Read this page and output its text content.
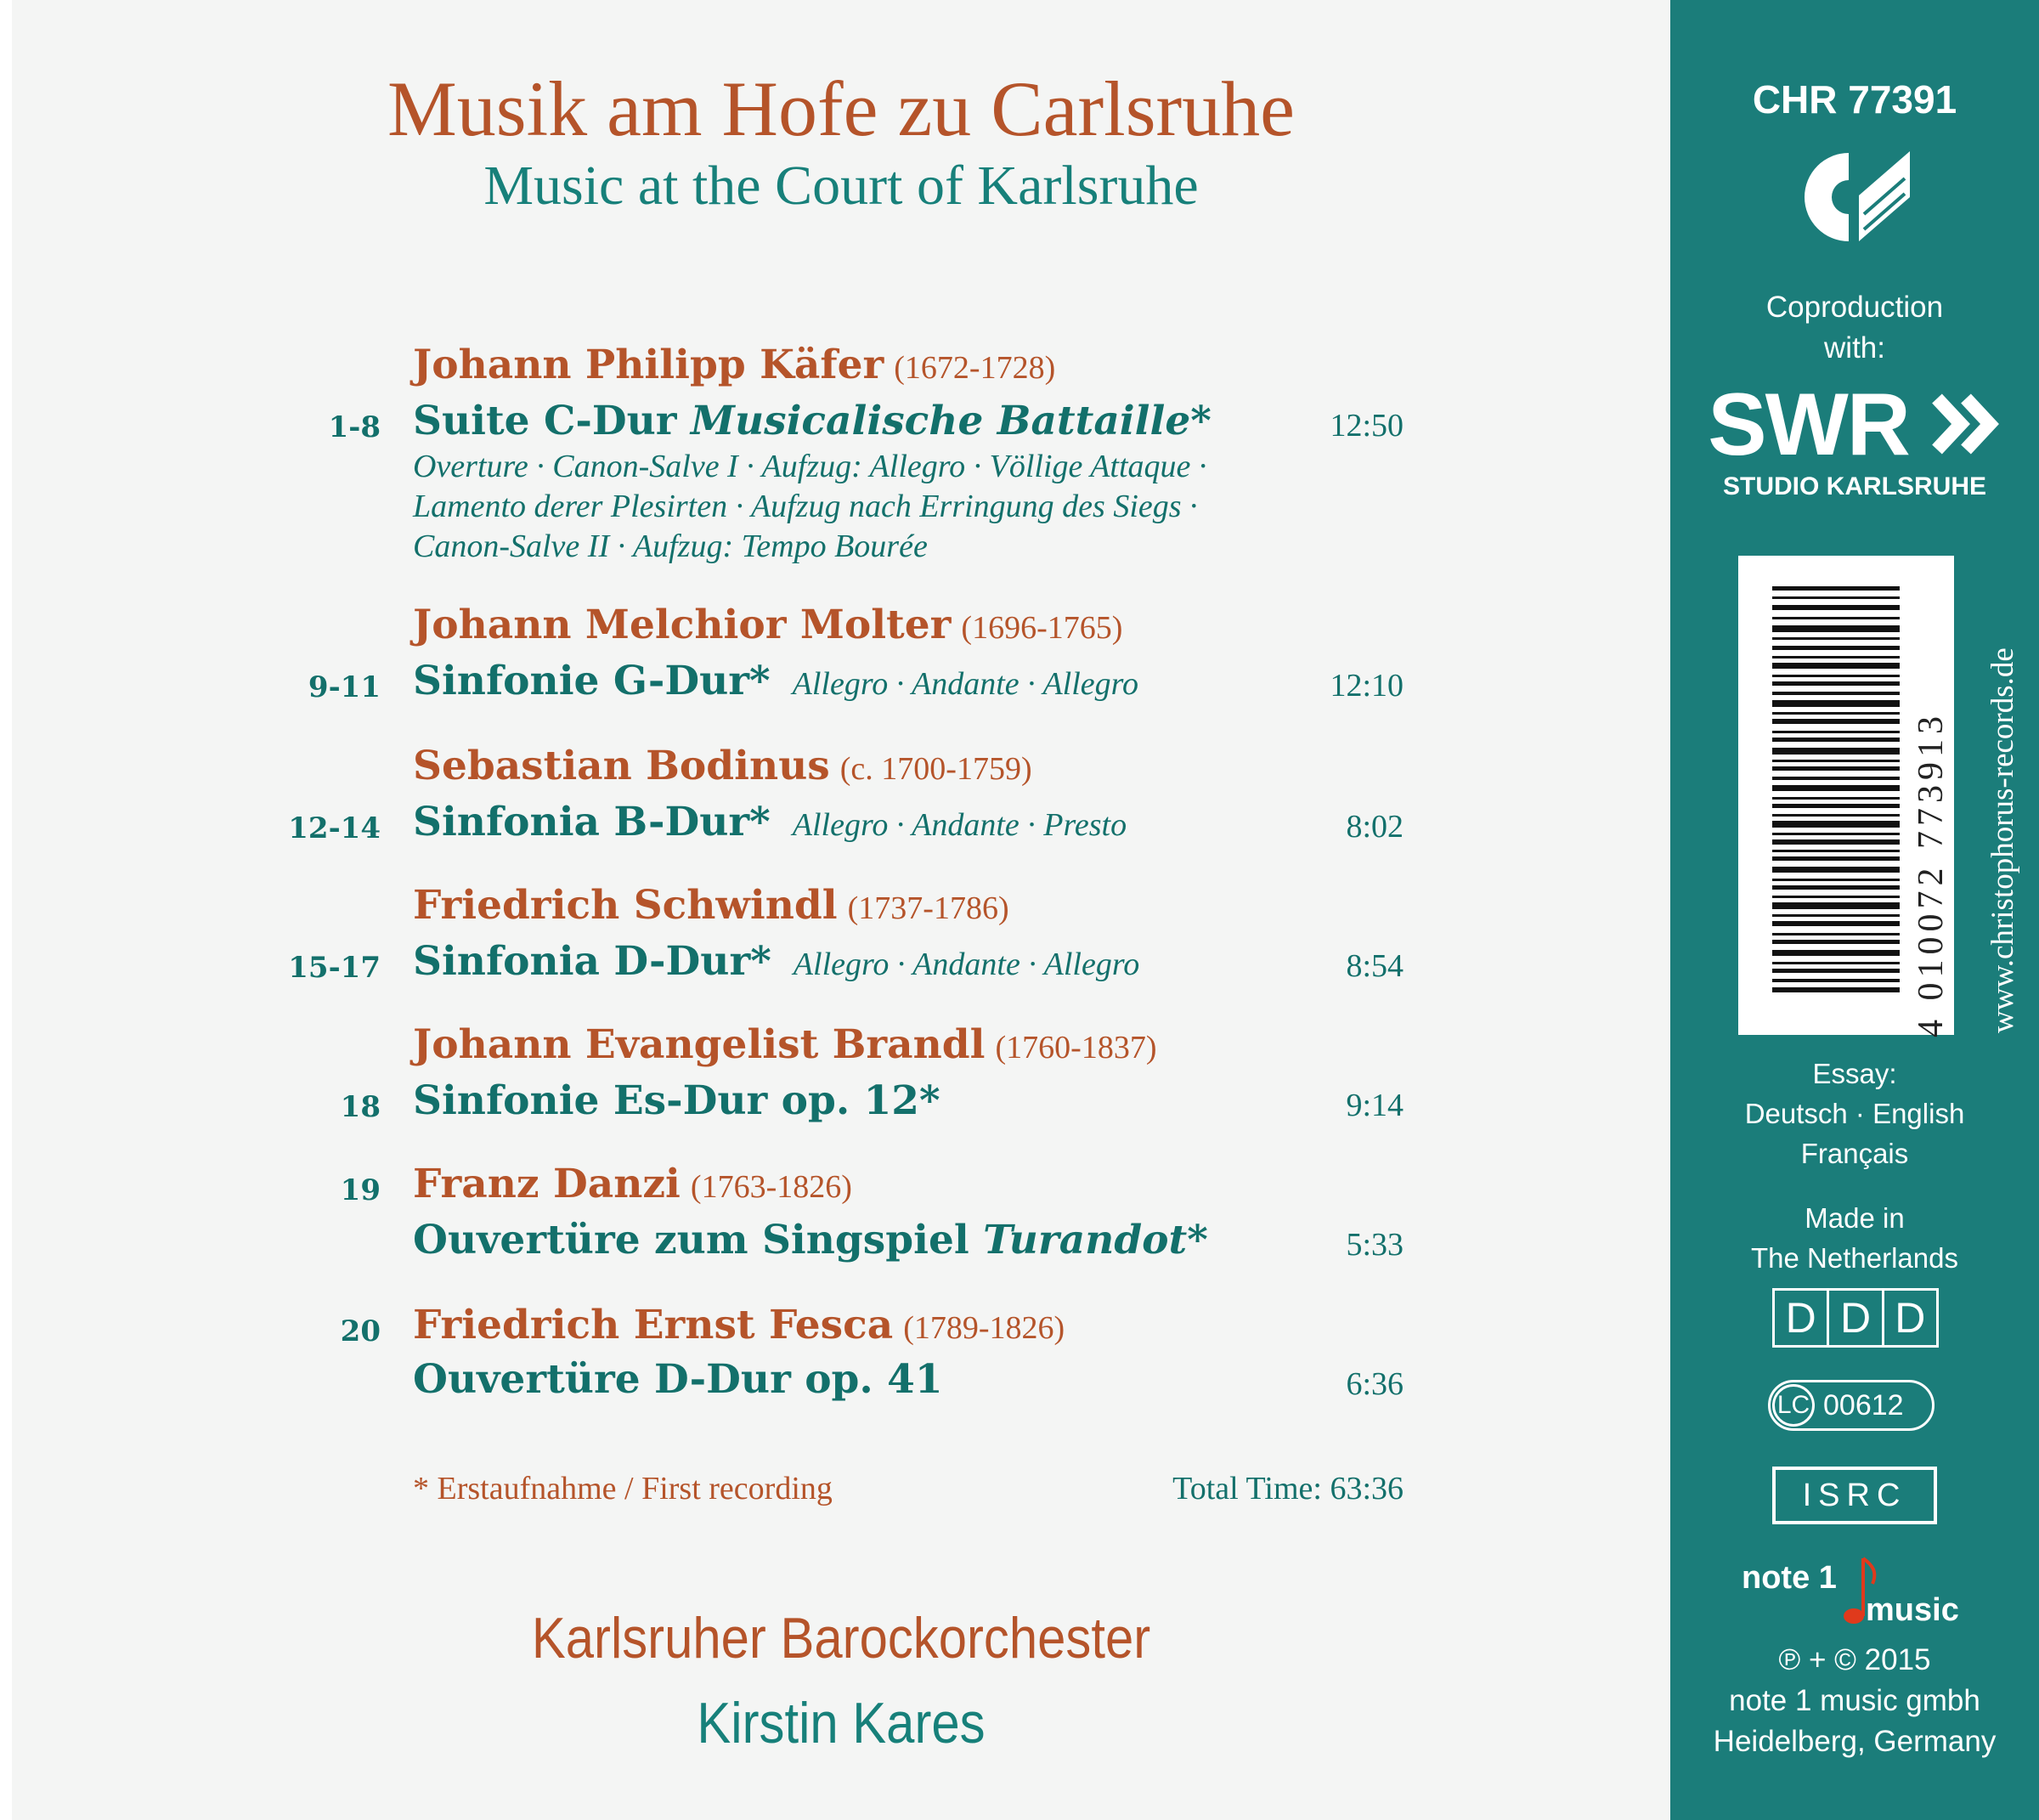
Musik am Hofe zu Carlsruhe
Music at the Court of Karlsruhe
Johann Philipp Käfer (1672-1728)
1-8 Suite C-Dur Musicalische Battaille*	12:50
Overture · Canon-Salve I · Aufzug: Allegro · Völlige Attaque ·
Lamento derer Plesirten · Aufzug nach Erringung des Siegs ·
Canon-Salve II · Aufzug: Tempo Bourée
Johann Melchior Molter (1696-1765)
9-11 Sinfonie G-Dur* Allegro · Andante · Allegro	12:10
Sebastian Bodinus (c. 1700-1759)
12-14 Sinfonia B-Dur* Allegro · Andante · Presto	8:02
Friedrich Schwindl (1737-1786)
15-17 Sinfonia D-Dur* Allegro · Andante · Allegro	8:54
Johann Evangelist Brandl (1760-1837)
18 Sinfonie Es-Dur op. 12*	9:14
19 Franz Danzi (1763-1826)
Ouvertüre zum Singspiel Turandot*	5:33
20 Friedrich Ernst Fesca (1789-1826)
Ouvertüre D-Dur op. 41	6:36
* Erstaufnahme / First recording	Total Time: 63:36
Karlsruher Barockorchester
Kirstin Kares
CHR 77391
Coproduction
with:
SWR
STUDIO KARLSRUHE
4 010072 773913
Essay:
Deutsch · English
Français
Made in
The Netherlands
D D D
LC 00612
ISRC
note 1
music
℗ + © 2015
note 1 music gmbh
Heidelberg, Germany
www.christophorus-records.de
